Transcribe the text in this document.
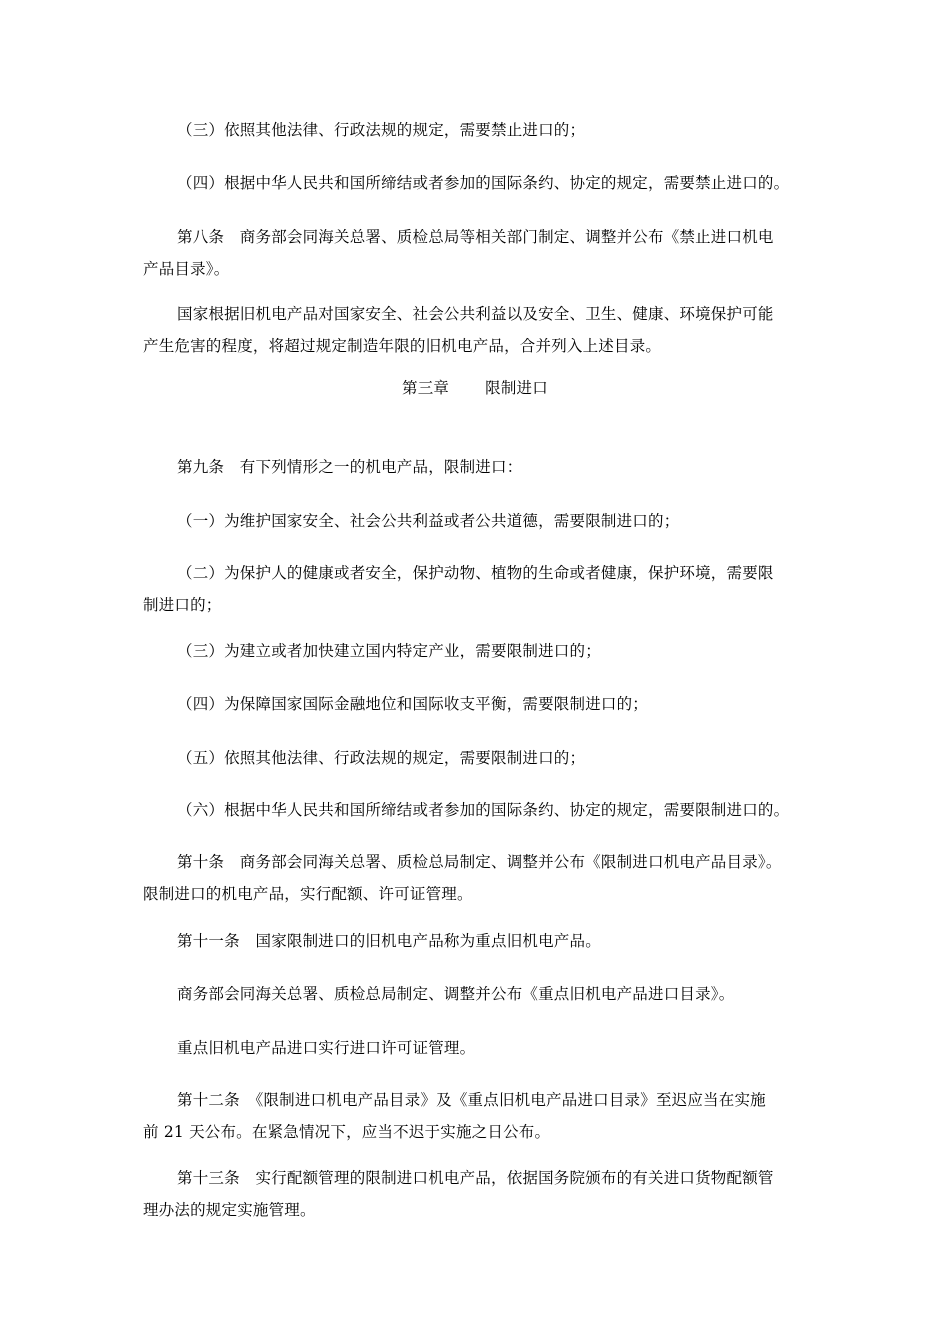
（三）依照其他法律、行政法规的规定，需要禁止进口的；

（四）根据中华人民共和国所缔结或者参加的国际条约、协定的规定，需要禁止进口的。

第八条　商务部会同海关总署、质检总局等相关部门制定、调整并公布《禁止进口机电
产品目录》。

国家根据旧机电产品对国家安全、社会公共利益以及安全、卫生、健康、环境保护可能
产生危害的程度，将超过规定制造年限的旧机电产品，合并列入上述目录。

第三章 限制进口

第九条　有下列情形之一的机电产品，限制进口：

（一）为维护国家安全、社会公共利益或者公共道德，需要限制进口的；

（二）为保护人的健康或者安全，保护动物、植物的生命或者健康，保护环境，需要限
制进口的；

（三）为建立或者加快建立国内特定产业，需要限制进口的；

（四）为保障国家国际金融地位和国际收支平衡，需要限制进口的；

（五）依照其他法律、行政法规的规定，需要限制进口的；

（六）根据中华人民共和国所缔结或者参加的国际条约、协定的规定，需要限制进口的。

第十条　商务部会同海关总署、质检总局制定、调整并公布《限制进口机电产品目录》。
限制进口的机电产品，实行配额、许可证管理。

第十一条　国家限制进口的旧机电产品称为重点旧机电产品。

商务部会同海关总署、质检总局制定、调整并公布《重点旧机电产品进口目录》。

重点旧机电产品进口实行进口许可证管理。

第十二条　《限制进口机电产品目录》及《重点旧机电产品进口目录》至迟应当在实施
前 21 天公布。在紧急情况下，应当不迟于实施之日公布。

第十三条　实行配额管理的限制进口机电产品，依据国务院颁布的有关进口货物配额管
理办法的规定实施管理。
